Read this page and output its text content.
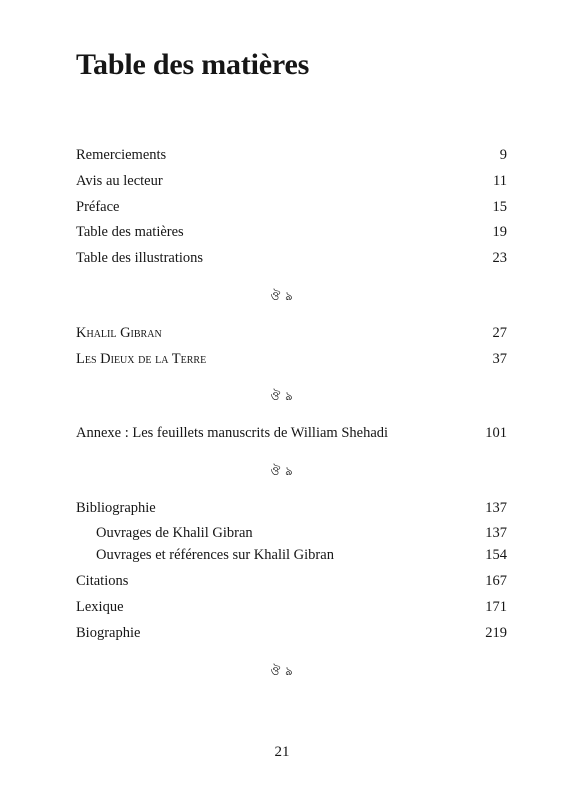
Table des matières
Remerciements	9
Avis au lecteur	11
Préface	15
Table des matières	19
Table des illustrations	23
ঔ ঌ
Khalil Gibran	27
Les Dieux de la Terre	37
ঔ ঌ
Annexe : Les feuillets manuscrits de William Shehadi	101
ঔ ঌ
Bibliographie	137
Ouvrages de Khalil Gibran	137
Ouvrages et références sur Khalil Gibran	154
Citations	167
Lexique	171
Biographie	219
ঔ ঌ
21
